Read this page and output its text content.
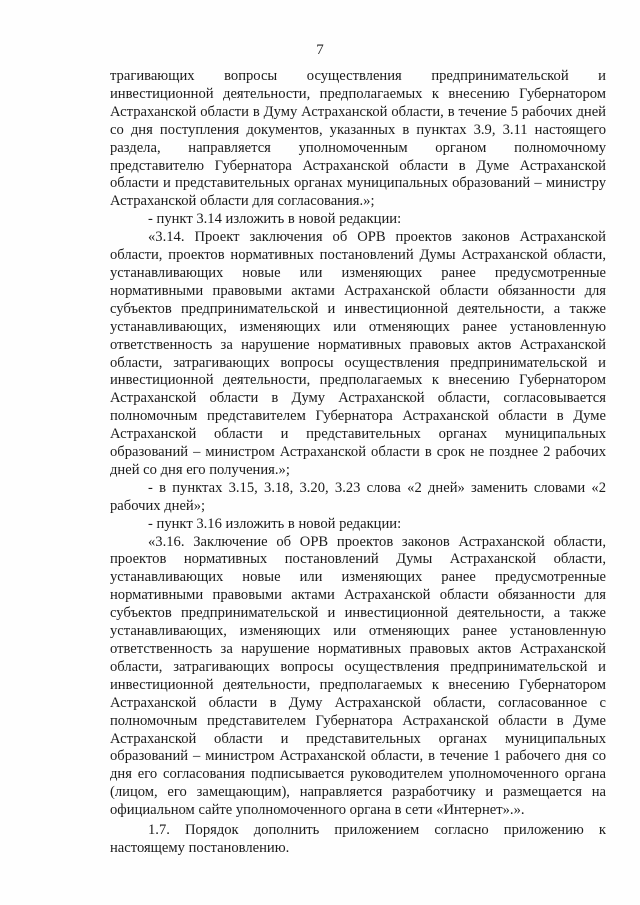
7

трагивающих вопросы осуществления предпринимательской и инвестиционной деятельности, предполагаемых к внесению Губернатором Астраханской области в Думу Астраханской области, в течение 5 рабочих дней со дня поступления документов, указанных в пунктах 3.9, 3.11 настоящего раздела, направляется уполномоченным органом полномочному представителю Губернатора Астраханской области в Думе Астраханской области и представительных органах муниципальных образований – министру Астраханской области для согласования.»;

- пункт 3.14 изложить в новой редакции:

«3.14. Проект заключения об ОРВ проектов законов Астраханской области, проектов нормативных постановлений Думы Астраханской области, устанавливающих новые или изменяющих ранее предусмотренные нормативными правовыми актами Астраханской области обязанности для субъектов предпринимательской и инвестиционной деятельности, а также устанавливающих, изменяющих или отменяющих ранее установленную ответственность за нарушение нормативных правовых актов Астраханской области, затрагивающих вопросы осуществления предпринимательской и инвестиционной деятельности, предполагаемых к внесению Губернатором Астраханской области в Думу Астраханской области, согласовывается полномочным представителем Губернатора Астраханской области в Думе Астраханской области и представительных органах муниципальных образований – министром Астраханской области в срок не позднее 2 рабочих дней со дня его получения.»;

- в пунктах 3.15, 3.18, 3.20, 3.23 слова «2 дней» заменить словами «2 рабочих дней»;

- пункт 3.16 изложить в новой редакции:

«3.16. Заключение об ОРВ проектов законов Астраханской области, проектов нормативных постановлений Думы Астраханской области, устанавливающих новые или изменяющих ранее предусмотренные нормативными правовыми актами Астраханской области обязанности для субъектов предпринимательской и инвестиционной деятельности, а также устанавливающих, изменяющих или отменяющих ранее установленную ответственность за нарушение нормативных правовых актов Астраханской области, затрагивающих вопросы осуществления предпринимательской и инвестиционной деятельности, предполагаемых к внесению Губернатором Астраханской области в Думу Астраханской области, согласованное с полномочным представителем Губернатора Астраханской области в Думе Астраханской области и представительных органах муниципальных образований – министром Астраханской области, в течение 1 рабочего дня со дня его согласования подписывается руководителем уполномоченного органа (лицом, его замещающим), направляется разработчику и размещается на официальном сайте уполномоченного органа в сети «Интернет».».

1.7. Порядок дополнить приложением согласно приложению к настоящему постановлению.
